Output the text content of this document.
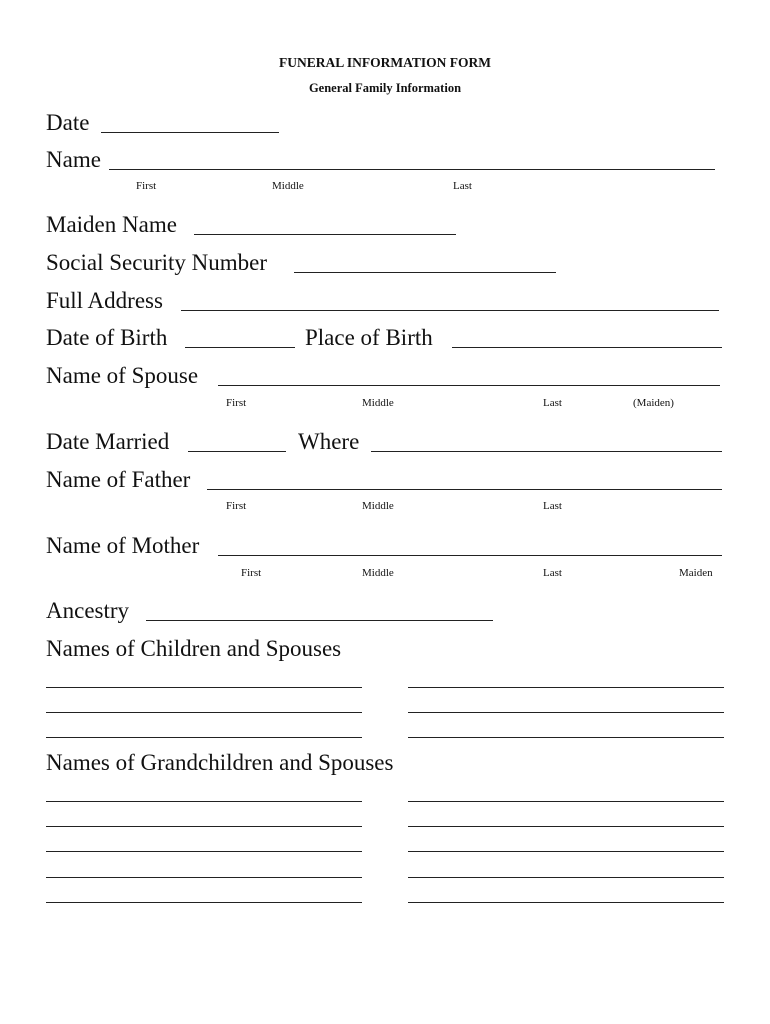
FUNERAL INFORMATION FORM
General Family Information
Date
Name
First	Middle	Last
Maiden Name
Social Security Number
Full Address
Date of Birth	Place of Birth
Name of Spouse
First	Middle	Last	(Maiden)
Date Married	Where
Name of Father
First	Middle	Last
Name of Mother
First	Middle	Last	Maiden
Ancestry
Names of Children and Spouses
Names of Grandchildren and Spouses
